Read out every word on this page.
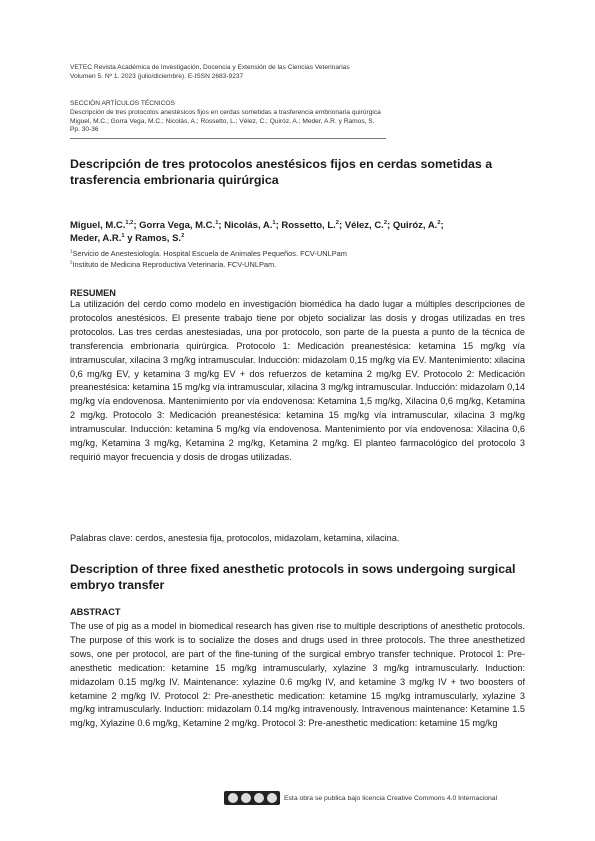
VETEC Revista Académica de Investigación, Docencia y Extensión de las Ciencias Veterinarias
Volumen 5. Nº 1. 2023 (julio/diciembre). E-ISSN 2683-9237
SECCIÓN ARTÍCULOS TÉCNICOS
Descripción de tres protocolos anestésicos fijos en cerdas sometidas a trasferencia embrionaria quirúrgica
Miguel, M.C.; Gorra Vega, M.C.; Nicolás, A.; Rossetto, L.; Vélez, C.; Quiróz, A.; Meder, A.R. y Ramos, S.
Pp. 30-36
Descripción de tres protocolos anestésicos fijos en cerdas sometidas a trasferencia embrionaria quirúrgica
Miguel, M.C.$^{1,2}$; Gorra Vega, M.C.$^1$; Nicolás, A.$^1$; Rossetto, L.$^2$; Vélez, C.$^2$; Quiróz, A.$^2$;
Meder, A.R.$^1$ y Ramos, S.$^2$
$^1$Servicio de Anestesiología. Hospital Escuela de Animales Pequeños. FCV-UNLPam
$^2$Instituto de Medicina Reproductiva Veterinaria. FCV-UNLPam.
RESUMEN
La utilización del cerdo como modelo en investigación biomédica ha dado lugar a múltiples descripciones de protocolos anestésicos. El presente trabajo tiene por objeto socializar las dosis y drogas utilizadas en tres protocolos. Las tres cerdas anestesiadas, una por protocolo, son parte de la puesta a punto de la técnica de transferencia embrionaria quirúrgica. Protocolo 1: Medicación preanestésica: ketamina 15 mg/kg vía intramuscular, xilacina 3 mg/kg intramuscular. Inducción: midazolam 0,15 mg/kg vía EV. Mantenimiento: xilacina 0,6 mg/kg EV, y ketamina 3 mg/kg EV + dos refuerzos de ketamina 2 mg/kg EV. Protocolo 2: Medicación preanestésica: ketamina 15 mg/kg vía intramuscular, xilacina 3 mg/kg intramuscular. Inducción: midazolam 0,14 mg/kg vía endovenosa. Mantenimiento por vía endovenosa: Ketamina 1,5 mg/kg, Xilacina 0,6 mg/kg, Ketamina 2 mg/kg. Protocolo 3: Medicación preanestésica: ketamina 15 mg/kg vía intramuscular, xilacina 3 mg/kg intramuscular. Inducción: ketamina 5 mg/kg vía endovenosa. Mantenimiento por vía endovenosa: Xilacina 0,6 mg/kg, Ketamina 3 mg/kg, Ketamina 2 mg/kg, Ketamina 2 mg/kg. El planteo farmacológico del protocolo 3 requirió mayor frecuencia y dosis de drogas utilizadas.
Palabras clave: cerdos, anestesia fija, protocolos, midazolam, ketamina, xilacina.
Description of three fixed anesthetic protocols in sows undergoing surgical embryo transfer
ABSTRACT
The use of pig as a model in biomedical research has given rise to multiple descriptions of anesthetic protocols. The purpose of this work is to socialize the doses and drugs used in three protocols. The three anesthetized sows, one per protocol, are part of the fine-tuning of the surgical embryo transfer technique. Protocol 1: Pre-anesthetic medication: ketamine 15 mg/kg intramuscularly, xylazine 3 mg/kg intramuscularly. Induction: midazolam 0.15 mg/kg IV. Maintenance: xylazine 0.6 mg/kg IV, and ketamine 3 mg/kg IV + two boosters of ketamine 2 mg/kg IV. Protocol 2: Pre-anesthetic medication: ketamine 15 mg/kg intramuscularly, xylazine 3 mg/kg intramuscularly. Induction: midazolam 0.14 mg/kg intravenously. Intravenous maintenance: Ketamine 1.5 mg/kg, Xylazine 0.6 mg/kg, Ketamine 2 mg/kg. Protocol 3: Pre-anesthetic medication: ketamine 15 mg/kg
Esta obra se publica bajo licencia Creative Commons 4.0 Internacional
